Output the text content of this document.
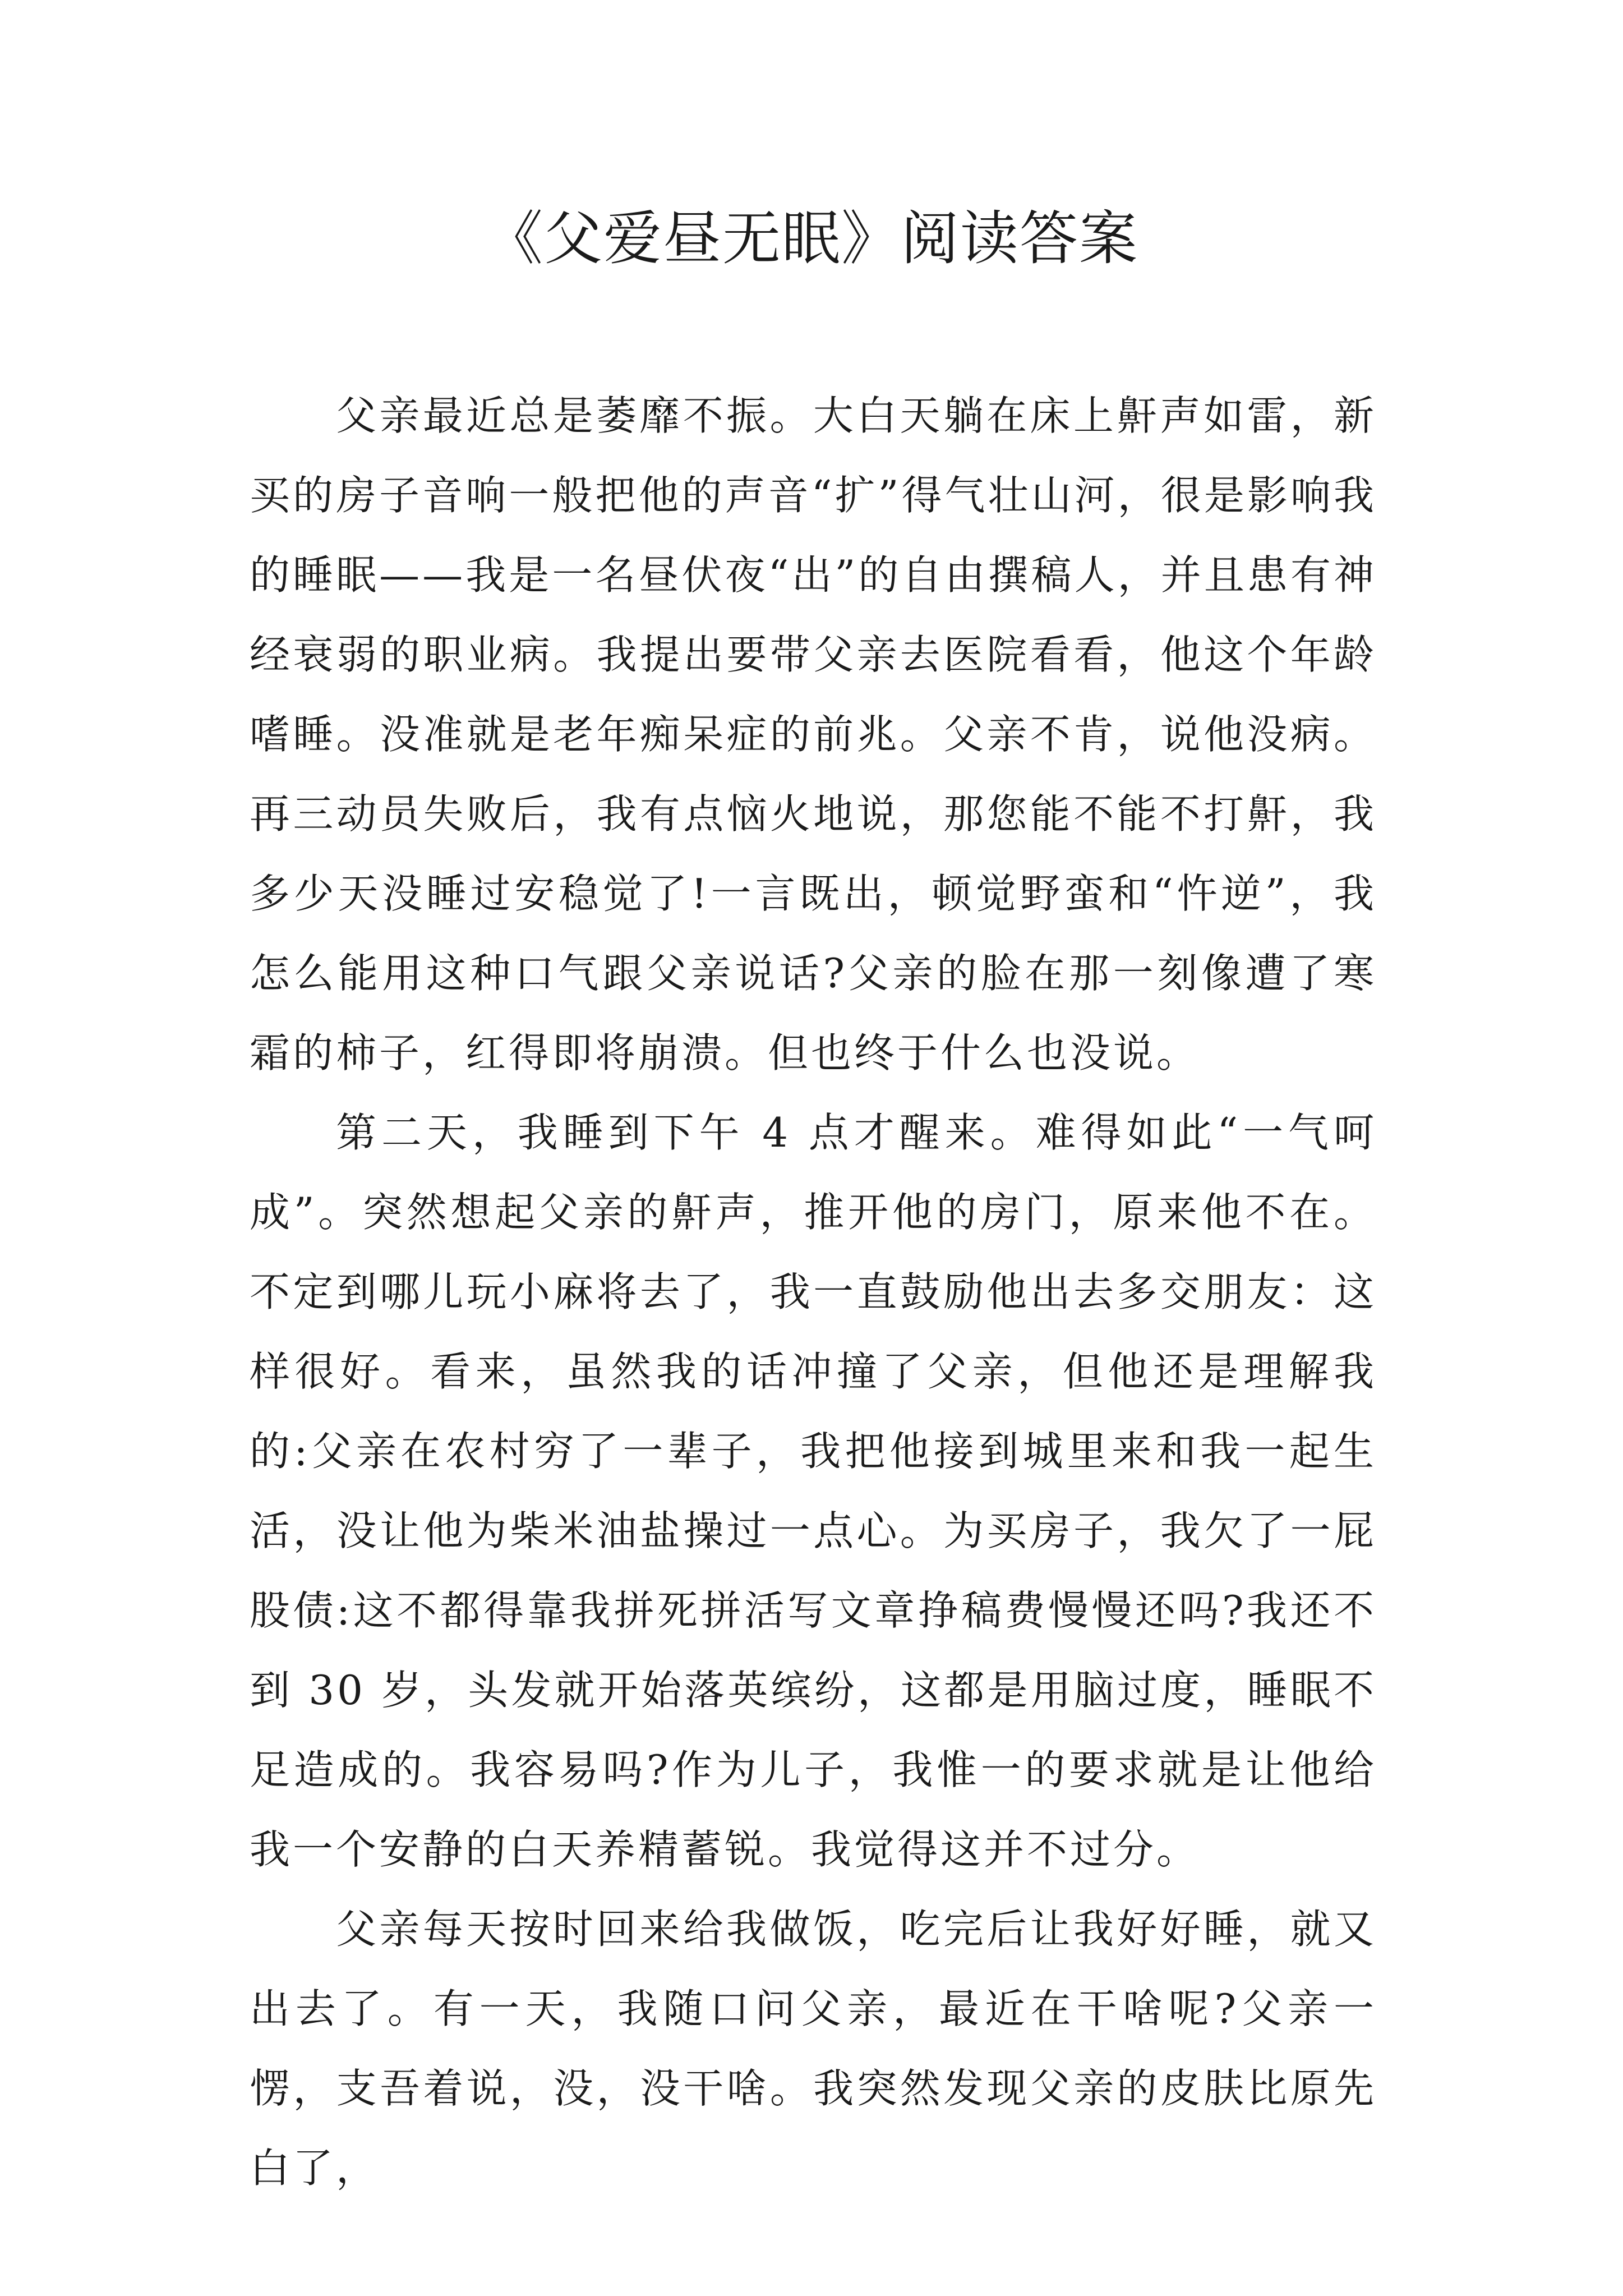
《父爱昼无眠》阅读答案

父亲最近总是萎靡不振。大白天躺在床上鼾声如雷，新买的房子音响一般把他的声音“扩”得气壮山河，很是影响我的睡眠——我是一名昼伏夜“出”的自由撰稿人，并且患有神经衰弱的职业病。我提出要带父亲去医院看看，他这个年龄嗜睡。没准就是老年痴呆症的前兆。父亲不肯，说他没病。再三动员失败后，我有点恼火地说，那您能不能不打鼾，我多少天没睡过安稳觉了!一言既出，顿觉野蛮和“忤逆”，我怎么能用这种口气跟父亲说话?父亲的脸在那一刻像遭了寒霜的柿子，红得即将崩溃。但也终于什么也没说。

第二天，我睡到下午 4 点才醒来。难得如此“一气呵成”。突然想起父亲的鼾声，推开他的房门，原来他不在。不定到哪儿玩小麻将去了，我一直鼓励他出去多交朋友：这样很好。看来，虽然我的话冲撞了父亲，但他还是理解我的:父亲在农村穷了一辈子，我把他接到城里来和我一起生活，没让他为柴米油盐操过一点心。为买房子，我欠了一屁股债:这不都得靠我拼死拼活写文章挣稿费慢慢还吗?我还不到 30 岁，头发就开始落英缤纷，这都是用脑过度，睡眠不足造成的。我容易吗?作为儿子，我惟一的要求就是让他给我一个安静的白天养精蓄锐。我觉得这并不过分。

父亲每天按时回来给我做饭，吃完后让我好好睡，就又出去了。有一天，我随口问父亲，最近在干啥呢?父亲一愣，支吾着说，没，没干啥。我突然发现父亲的皮肤比原先白了，
